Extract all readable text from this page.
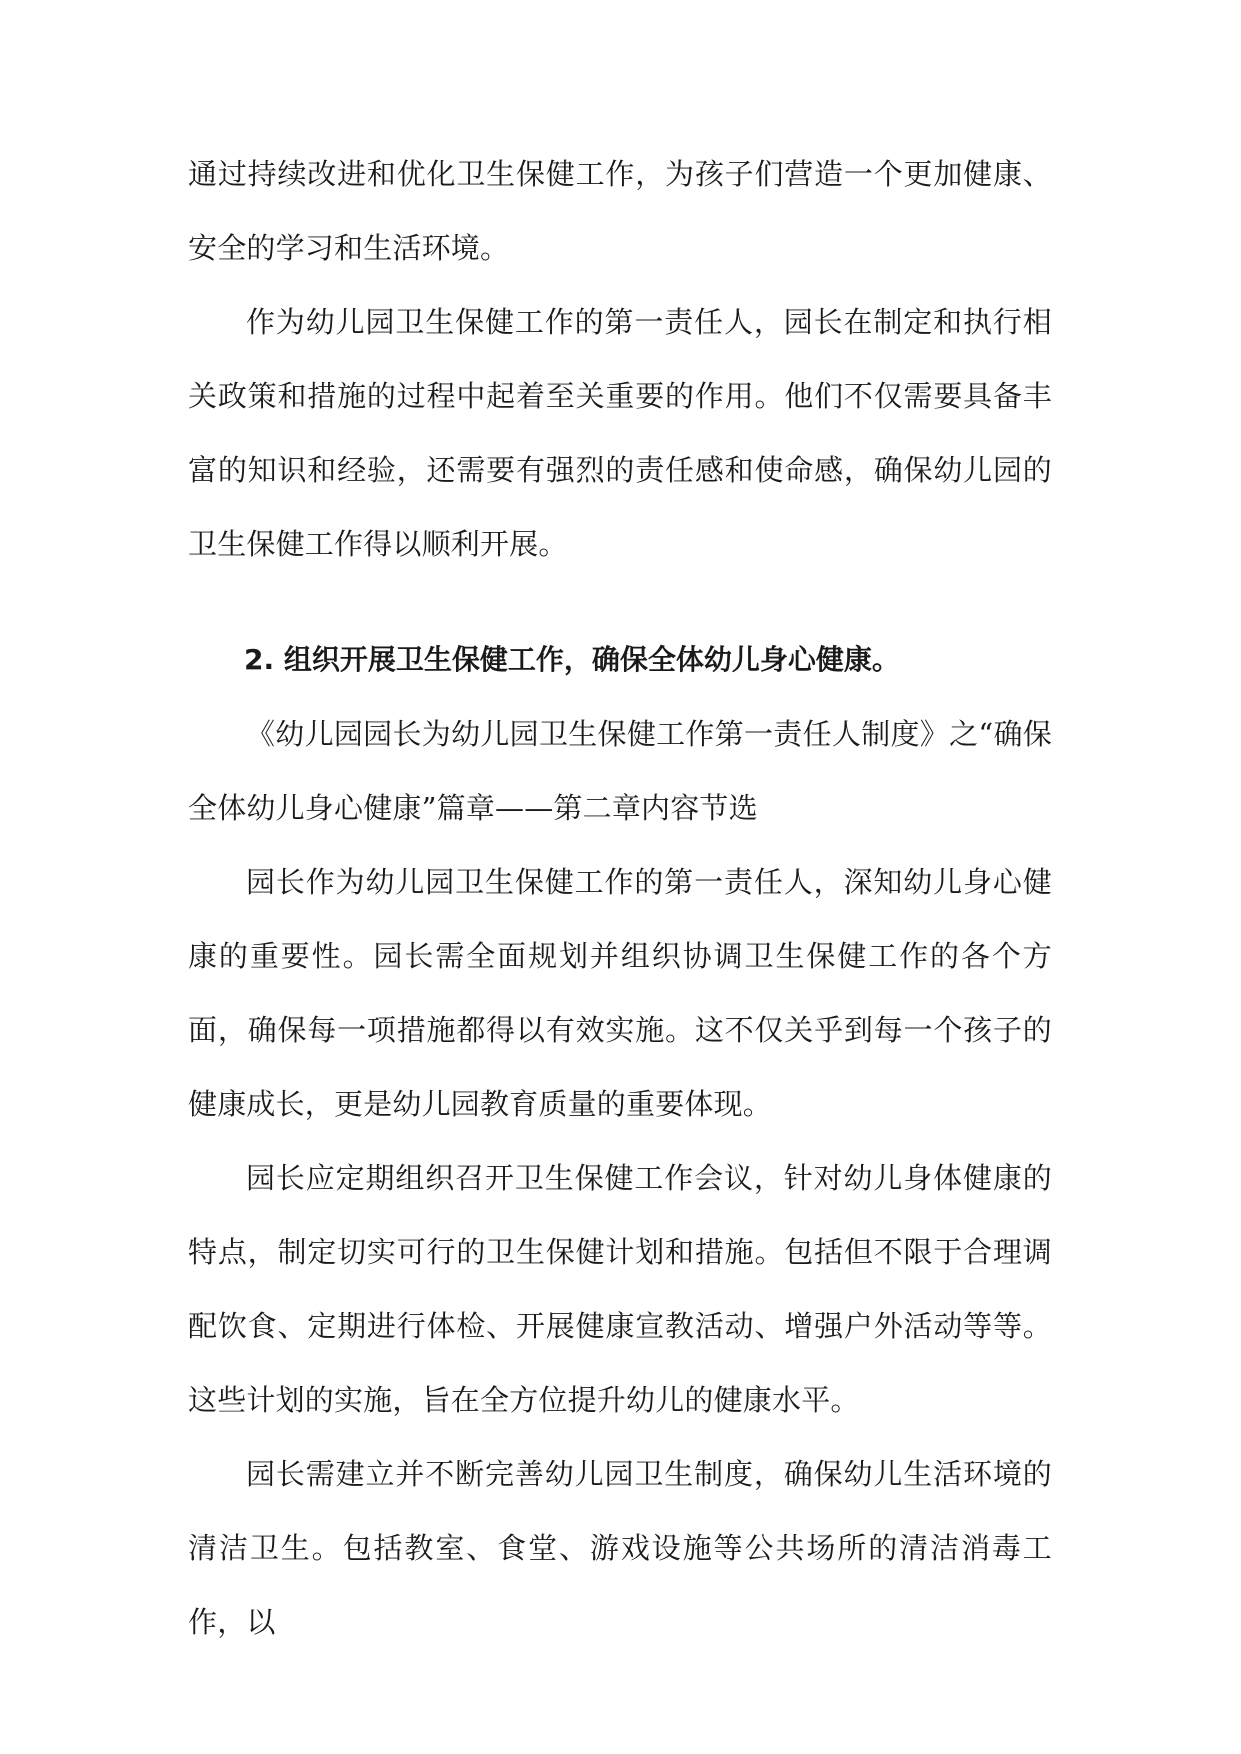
通过持续改进和优化卫生保健工作，为孩子们营造一个更加健康、安全的学习和生活环境。

作为幼儿园卫生保健工作的第一责任人，园长在制定和执行相关政策和措施的过程中起着至关重要的作用。他们不仅需要具备丰富的知识和经验，还需要有强烈的责任感和使命感，确保幼儿园的卫生保健工作得以顺利开展。

2. 组织开展卫生保健工作，确保全体幼儿身心健康。

《幼儿园园长为幼儿园卫生保健工作第一责任人制度》之“确保全体幼儿身心健康”篇章——第二章内容节选

园长作为幼儿园卫生保健工作的第一责任人，深知幼儿身心健康的重要性。园长需全面规划并组织协调卫生保健工作的各个方面，确保每一项措施都得以有效实施。这不仅关乎到每一个孩子的健康成长，更是幼儿园教育质量的重要体现。

园长应定期组织召开卫生保健工作会议，针对幼儿身体健康的特点，制定切实可行的卫生保健计划和措施。包括但不限于合理调配饮食、定期进行体检、开展健康宣教活动、增强户外活动等等。这些计划的实施，旨在全方位提升幼儿的健康水平。

园长需建立并不断完善幼儿园卫生制度，确保幼儿生活环境的清洁卫生。包括教室、食堂、游戏设施等公共场所的清洁消毒工作，以
